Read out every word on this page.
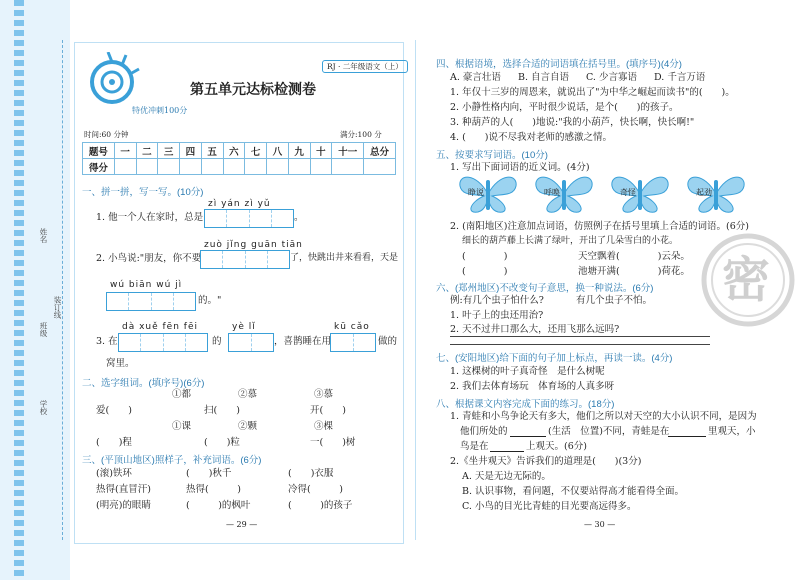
姓名
装订线
班级
学校
RJ · 二年级语文（上）
第五单元达标检测卷
特优冲刺100分
时间:60 分钟	满分:100 分
题号	一	二	三	四	五	六	七	八	九	十	十一	总分
得分												
一、拼一拼，写一写。(10分)
zì yán zì yǔ
1. 他一个人在家时，总是	。
zuò jǐng guān tiān
2. 小鸟说:"朋友，你不要	了，快跳出井来看看，天是
wú biān wú jì
的。"
dà xuě fēn fēi	yè lǐ	kū cǎo
3. 在	的	，喜鹊睡在用	做的
窝里。
二、选字组词。(填序号)(6分)
①都	②慕	③慕
爱(　　)	扫(　　)	开(　　)
①课	②颗	③棵
(　　)程	(　　)粒	一(　　)树
三、(平顶山地区)照样子，补充词语。(6分)
(滚)铁环	(　　)秋千	(　　)衣服
热得(直冒汗)	热得(　　　)	冷得(　　　)
(明亮)的眼睛	(　　　)的枫叶	(　　　)的孩子
— 29 —
密
四、根据语境，选择合适的词语填在括号里。(填序号)(4分)
A. 豪言壮语 B. 自言自语 C. 少言寡语 D. 千言万语
1. 年仅十三岁的周恩来，就说出了"为中华之崛起而读书"的(　　)。
2. 小静性格内向，平时很少说话，是个(　　)的孩子。
3. 种葫芦的人(　　)地说:"我的小葫芦，快长啊，快长啊!"
4. (　　)说不尽我对老师的感激之情。
五、按要求写词语。(10分)
1. 写出下面词语的近义词。(4分)
睁说	呼唤	奇怪	起劲
2. (南阳地区)注意加点词语，仿照例子在括号里填上合适的词语。(6分)
细长的葫芦藤上长满了绿叶，开出了几朵雪白的小花。
(　　　　)	天空飘着(　　　　)云朵。
(　　　　)	池塘开满(　　　　)荷花。
六、(郑州地区)不改变句子意思，换一种说法。(6分)
例:有几个虫子怕什么?	有几个虫子不怕。
1. 叶子上的虫还用治?
2. 天不过井口那么大，还用飞那么远吗?
七、(安阳地区)给下面的句子加上标点，再读一读。(4分)
1. 这棵树的叶子真奇怪　是什么树呢
2. 我们去体育场玩　体育场的人真多呀
八、根据课文内容完成下面的练习。(18分)
1. 青蛙和小鸟争论天有多大，他们之所以对天空的大小认识不同，是因为
他们所处的	(生活　位置)不同，青蛙是在	里观天，小
鸟是在	上观天。(6分)
2.《坐井观天》告诉我们的道理是(　　)(3分)
A. 天是无边无际的。
B. 认识事物，看问题，不仅要站得高才能看得全面。
C. 小鸟的目光比青蛙的目光要高远得多。
— 30 —
